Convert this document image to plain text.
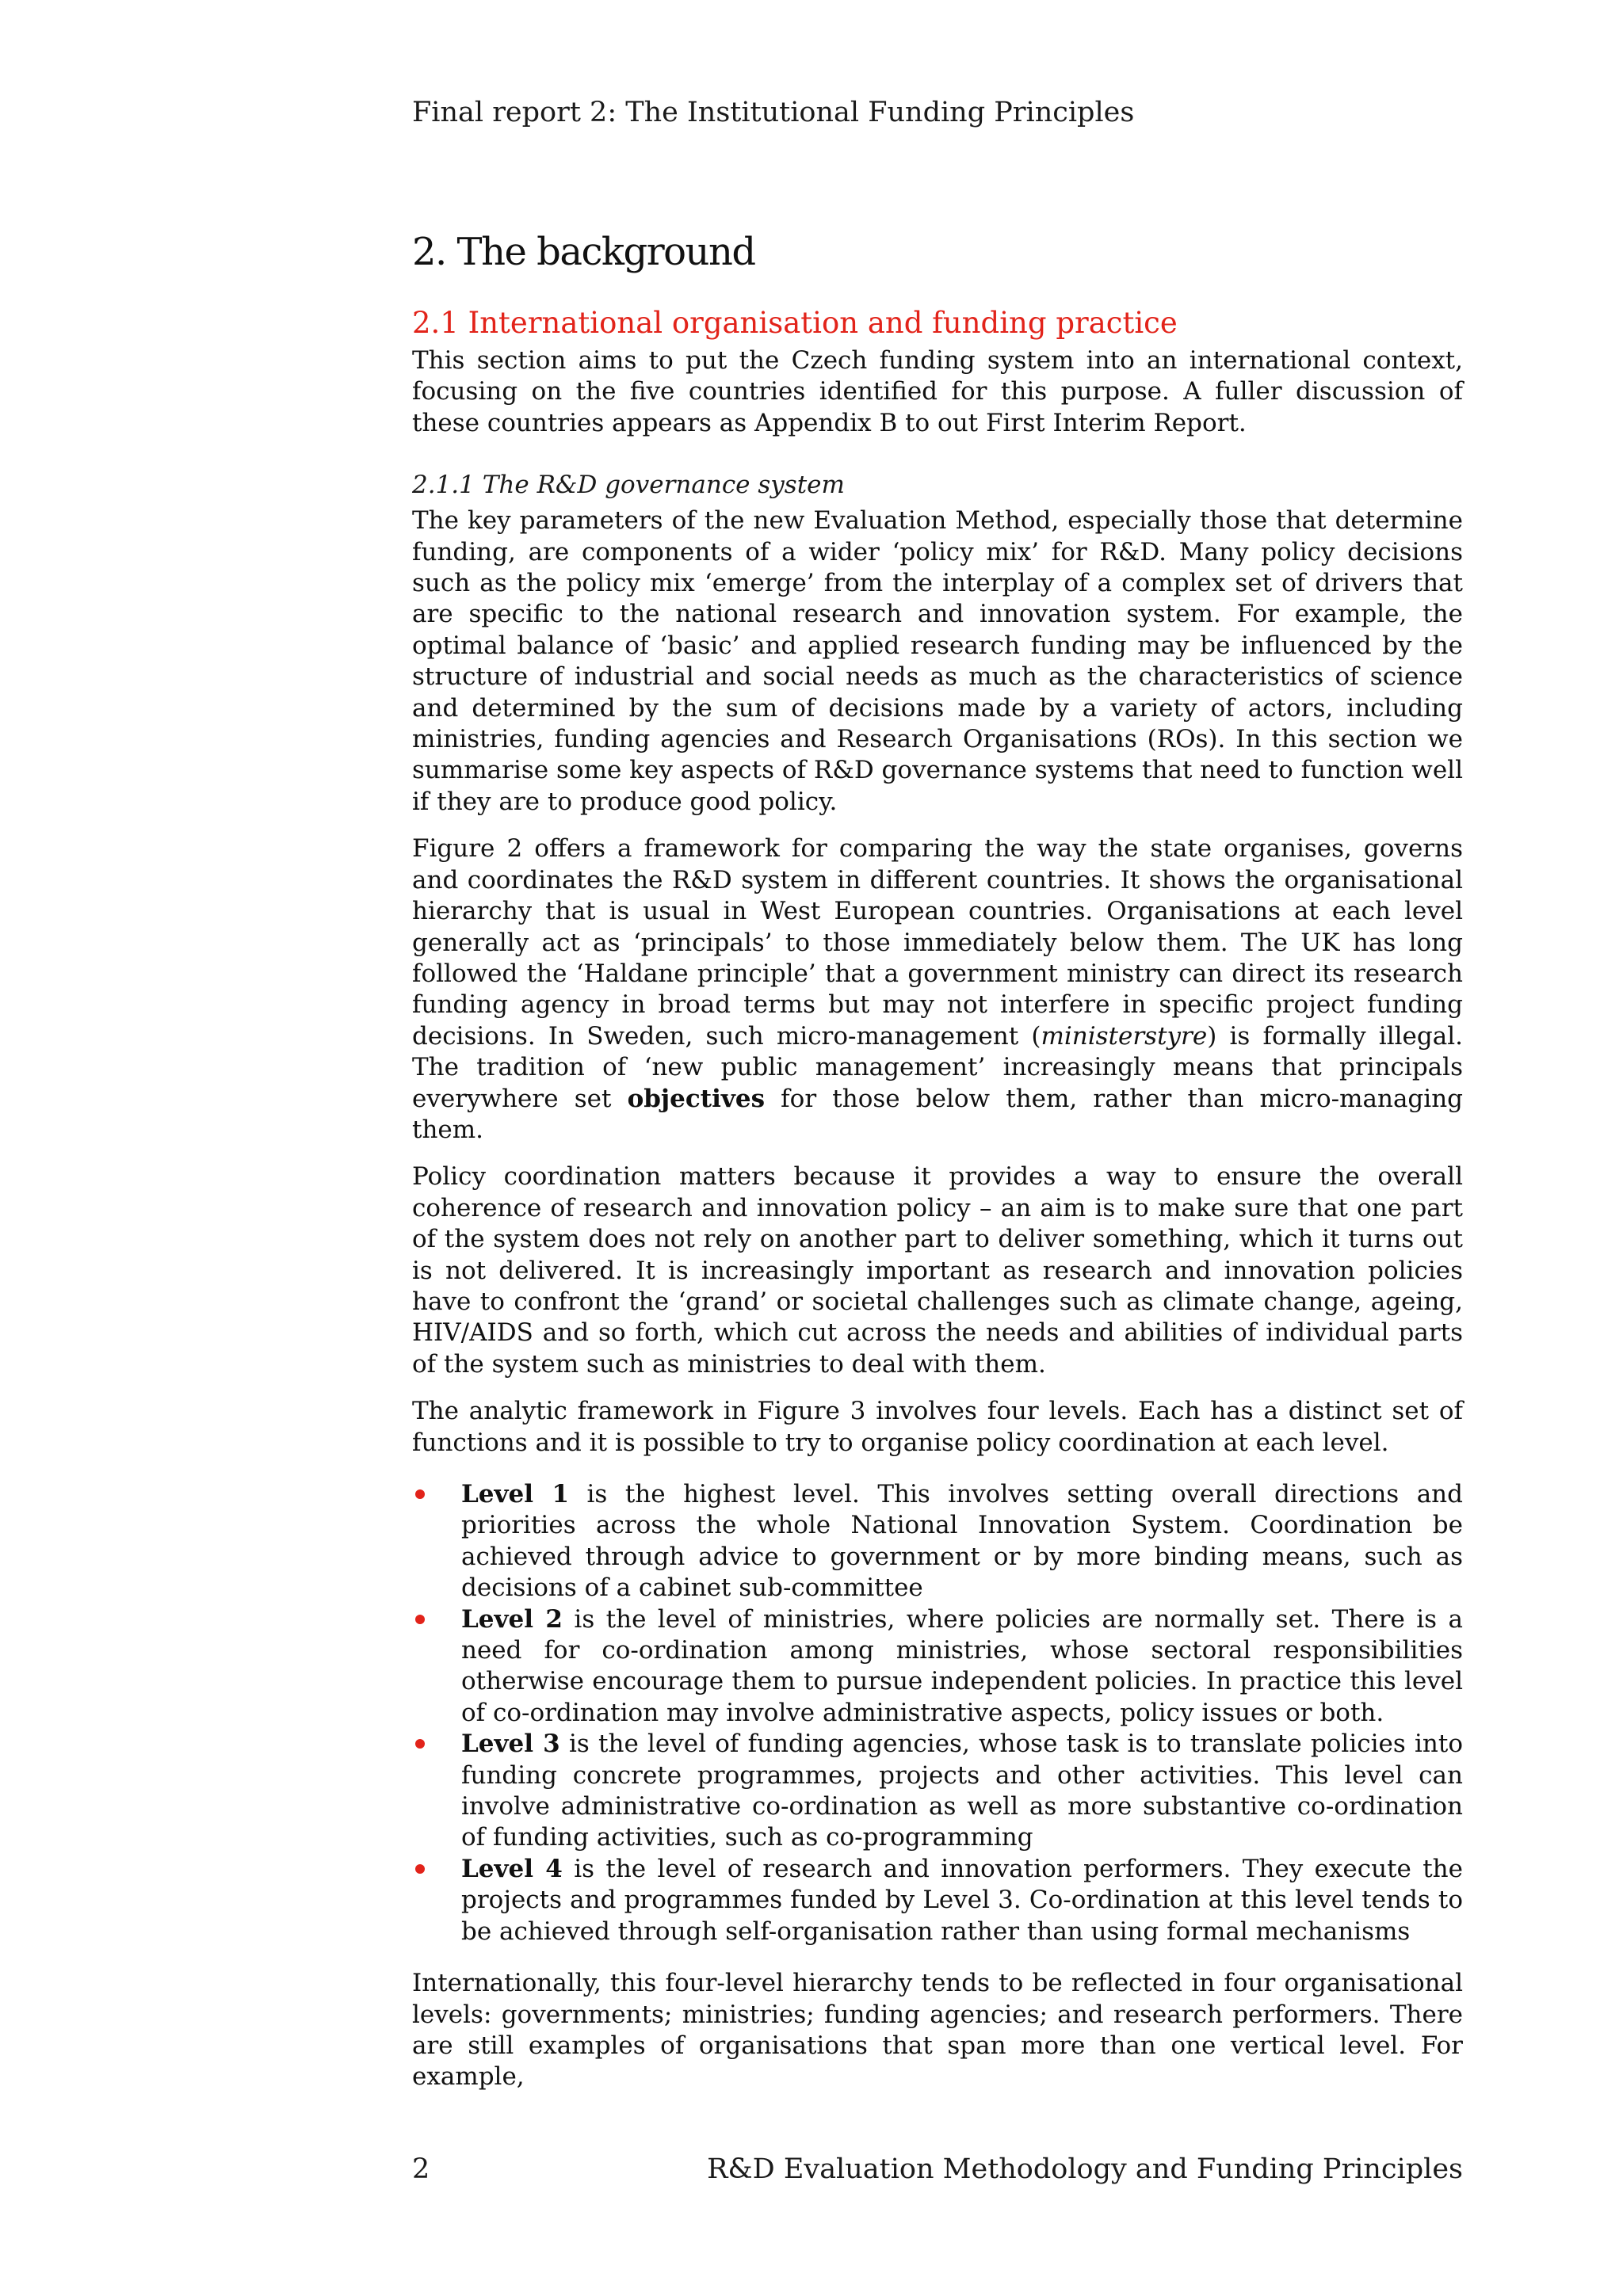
Final report 2: The Institutional Funding Principles
2. The background
2.1 International organisation and funding practice

This section aims to put the Czech funding system into an international context, focusing on the five countries identified for this purpose. A fuller discussion of these countries appears as Appendix B to out First Interim Report.

2.1.1 The R&D governance system

The key parameters of the new Evaluation Method, especially those that determine funding, are components of a wider ‘policy mix’ for R&D. Many policy decisions such as the policy mix ‘emerge’ from the interplay of a complex set of drivers that are specific to the national research and innovation system. For example, the optimal balance of ‘basic’ and applied research funding may be influenced by the structure of industrial and social needs as much as the characteristics of science and determined by the sum of decisions made by a variety of actors, including ministries, funding agencies and Research Organisations (ROs). In this section we summarise some key aspects of R&D governance systems that need to function well if they are to produce good policy.

Figure 2 offers a framework for comparing the way the state organises, governs and coordinates the R&D system in different countries. It shows the organisational hierarchy that is usual in West European countries. Organisations at each level generally act as ‘principals’ to those immediately below them. The UK has long followed the ‘Haldane principle’ that a government ministry can direct its research funding agency in broad terms but may not interfere in specific project funding decisions. In Sweden, such micro-management (ministerstyre) is formally illegal. The tradition of ‘new public management’ increasingly means that principals everywhere set objectives for those below them, rather than micro-managing them.

Policy coordination matters because it provides a way to ensure the overall coherence of research and innovation policy – an aim is to make sure that one part of the system does not rely on another part to deliver something, which it turns out is not delivered. It is increasingly important as research and innovation policies have to confront the ‘grand’ or societal challenges such as climate change, ageing, HIV/AIDS and so forth, which cut across the needs and abilities of individual parts of the system such as ministries to deal with them.

The analytic framework in Figure 3 involves four levels. Each has a distinct set of functions and it is possible to try to organise policy coordination at each level.

Level 1 is the highest level. This involves setting overall directions and priorities across the whole National Innovation System. Coordination be achieved through advice to government or by more binding means, such as decisions of a cabinet sub-committee
Level 2 is the level of ministries, where policies are normally set. There is a need for co-ordination among ministries, whose sectoral responsibilities otherwise encourage them to pursue independent policies. In practice this level of co-ordination may involve administrative aspects, policy issues or both.
Level 3 is the level of funding agencies, whose task is to translate policies into funding concrete programmes, projects and other activities. This level can involve administrative co-ordination as well as more substantive co-ordination of funding activities, such as co-programming
Level 4 is the level of research and innovation performers. They execute the projects and programmes funded by Level 3. Co-ordination at this level tends to be achieved through self-organisation rather than using formal mechanisms

Internationally, this four-level hierarchy tends to be reflected in four organisational levels: governments; ministries; funding agencies; and research performers. There are still examples of organisations that span more than one vertical level. For example,

2	R&D Evaluation Methodology and Funding Principles
